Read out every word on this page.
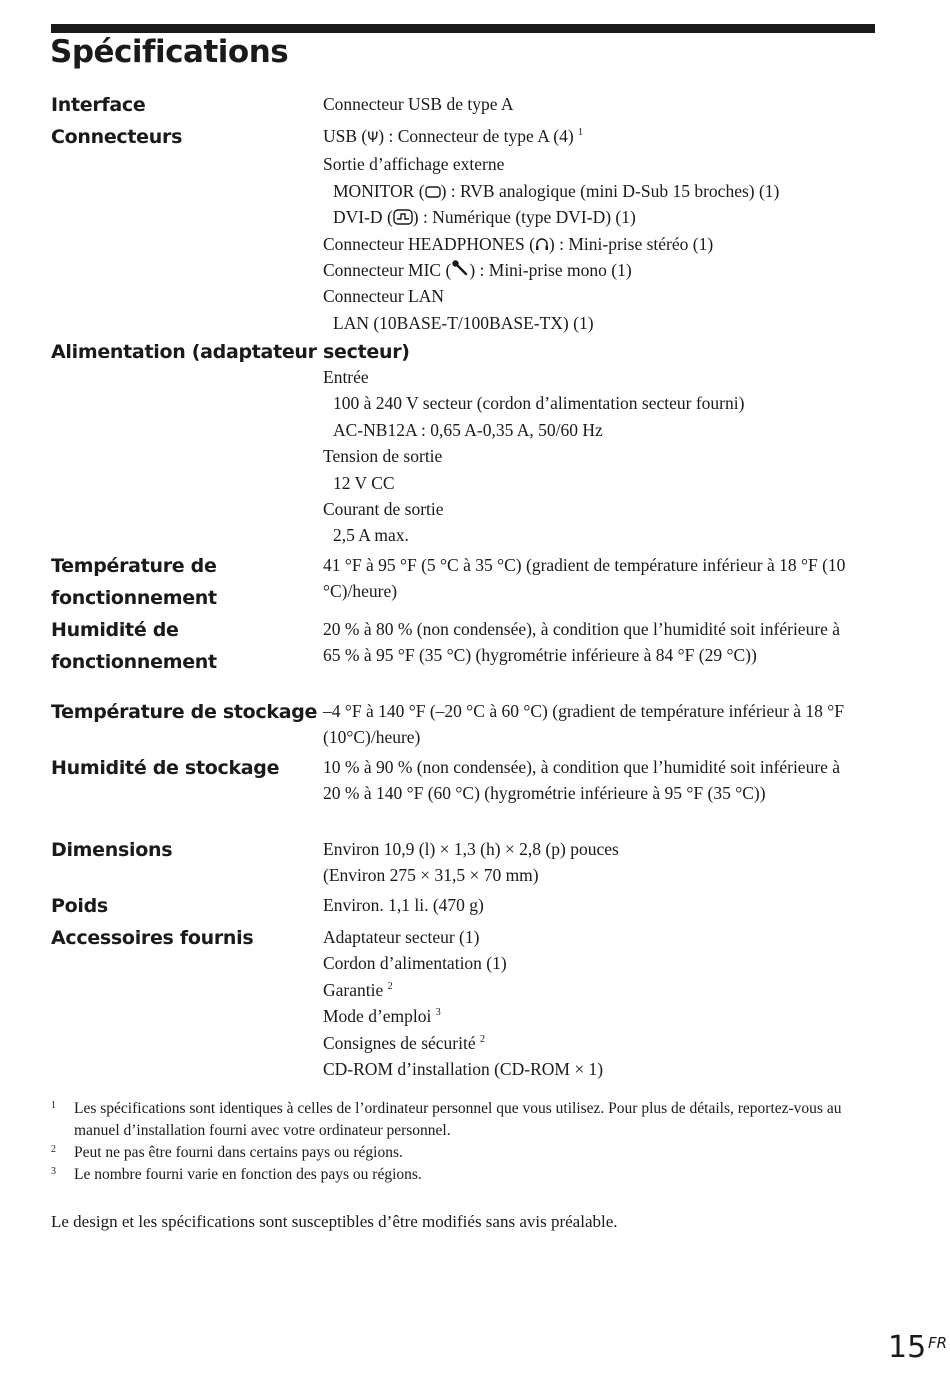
Spécifications
Interface	Connecteur USB de type A
Connecteurs	USB (Ψ) : Connecteur de type A (4) $^1$
Sortie d’affichage externe
MONITOR ( ) : RVB analogique (mini D-Sub 15 broches) (1)
DVI-D ( ) : Numérique (type DVI-D) (1)
Connecteur HEADPHONES ( ) : Mini-prise stéréo (1)
Connecteur MIC ( ) : Mini-prise mono (1)
Connecteur LAN
LAN (10BASE-T/100BASE-TX) (1)
Alimentation (adaptateur secteur)
Entrée
100 à 240 V secteur (cordon d’alimentation secteur fourni)
AC-NB12A : 0,65 A-0,35 A, 50/60 Hz
Tension de sortie
12 V CC
Courant de sortie
2,5 A max.
Température de fonctionnement
41 °F à 95 °F (5 °C à 35 °C) (gradient de température inférieur à 18 °F (10 °C)/heure)
Humidité de fonctionnement
20 % à 80 % (non condensée), à condition que l’humidité soit inférieure à 65 % à 95 °F (35 °C) (hygrométrie inférieure à 84 °F (29 °C))
Température de stockage –4 °F à 140 °F (–20 °C à 60 °C) (gradient de température inférieur à 18 °F (10°C)/heure)
Humidité de stockage	10 % à 90 % (non condensée), à condition que l’humidité soit inférieure à 20 % à 140 °F (60 °C) (hygrométrie inférieure à 95 °F (35 °C))
Dimensions	Environ 10,9 (l) × 1,3 (h) × 2,8 (p) pouces
(Environ 275 × 31,5 × 70 mm)
Poids	Environ. 1,1 li. (470 g)
Accessoires fournis	Adaptateur secteur (1)
Cordon d’alimentation (1)
Garantie $^2$
Mode d’emploi $^3$
Consignes de sécurité $^2$
CD-ROM d’installation (CD-ROM × 1)
1 Les spécifications sont identiques à celles de l’ordinateur personnel que vous utilisez. Pour plus de détails, reportez-vous au manuel d’installation fourni avec votre ordinateur personnel.
2 Peut ne pas être fourni dans certains pays ou régions.
3 Le nombre fourni varie en fonction des pays ou régions.
Le design et les spécifications sont susceptibles d’être modifiés sans avis préalable.
15 FR
